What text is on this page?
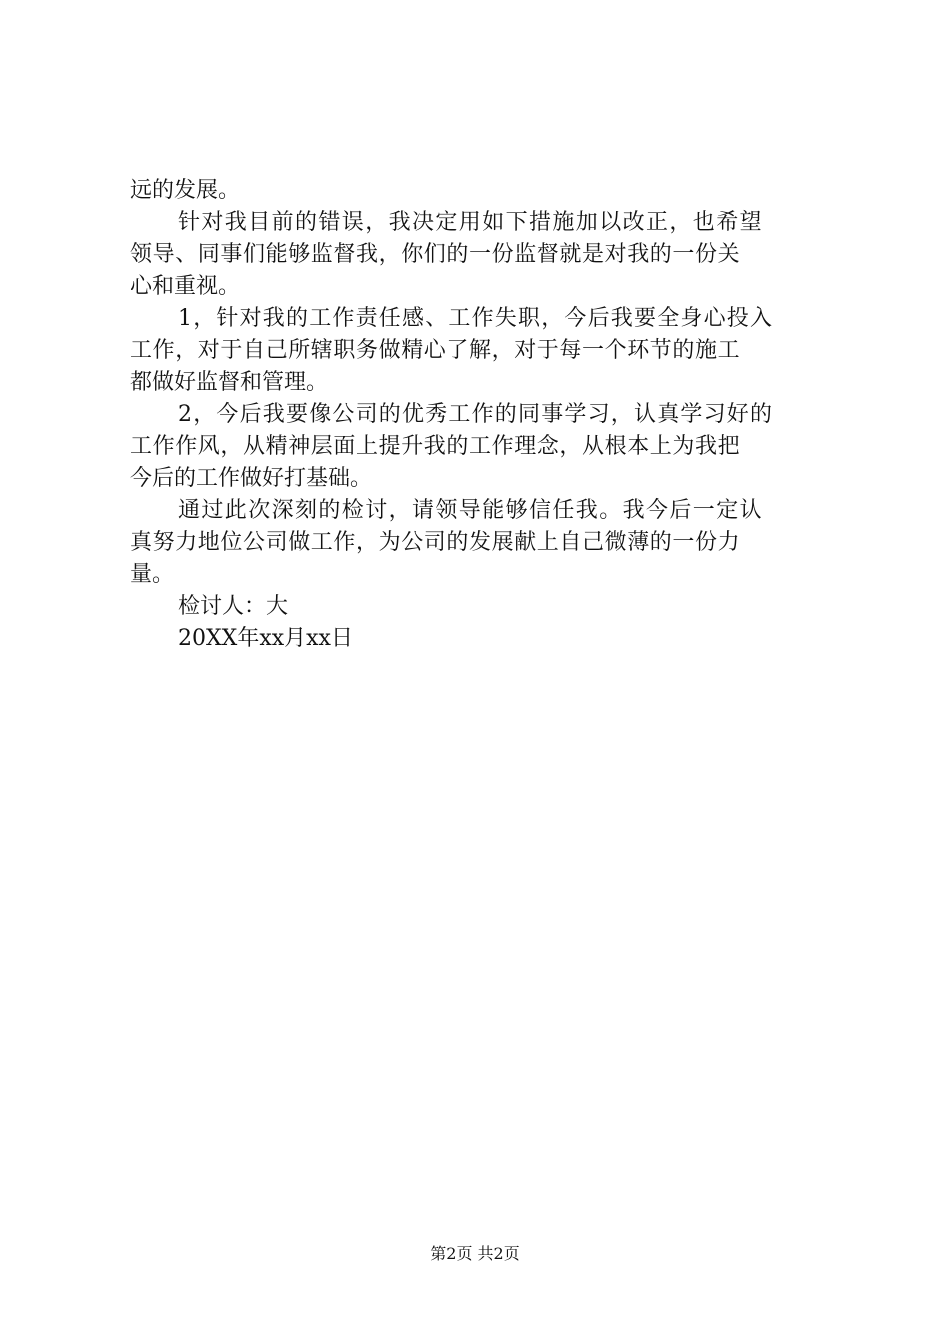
远的发展。
针对我目前的错误，我决定用如下措施加以改正，也希望
领导、同事们能够监督我，你们的一份监督就是对我的一份关
心和重视。
1，针对我的工作责任感、工作失职，今后我要全身心投入
工作，对于自己所辖职务做精心了解，对于每一个环节的施工
都做好监督和管理。
2，今后我要像公司的优秀工作的同事学习，认真学习好的
工作作风，从精神层面上提升我的工作理念，从根本上为我把
今后的工作做好打基础。
通过此次深刻的检讨，请领导能够信任我。我今后一定认
真努力地位公司做工作，为公司的发展献上自己微薄的一份力
量。
检讨人：大
20XX年xx月xx日
第2页 共2页
